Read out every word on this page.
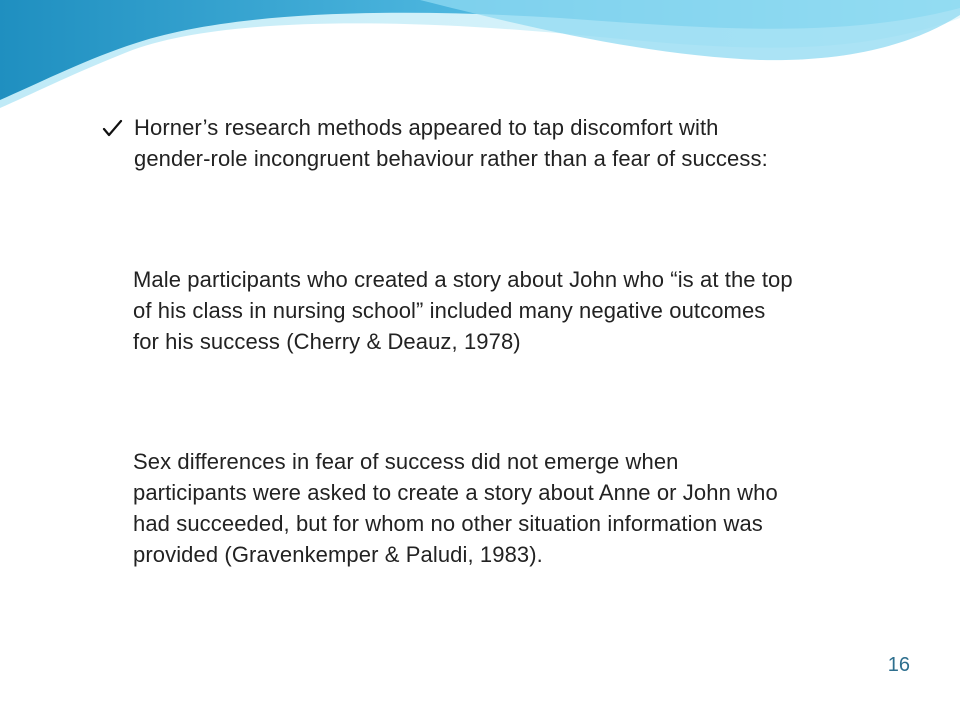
Horner’s research methods appeared to tap discomfort with gender-role incongruent behaviour rather than a fear of success:
Male participants who created a story about John who “is at the top of his class in nursing school” included many negative outcomes for his success (Cherry & Deauz, 1978)
Sex differences in fear of success did not emerge when participants were asked to create a story about Anne or John who had succeeded, but for whom no other situation information was provided (Gravenkemper & Paludi, 1983).
16
